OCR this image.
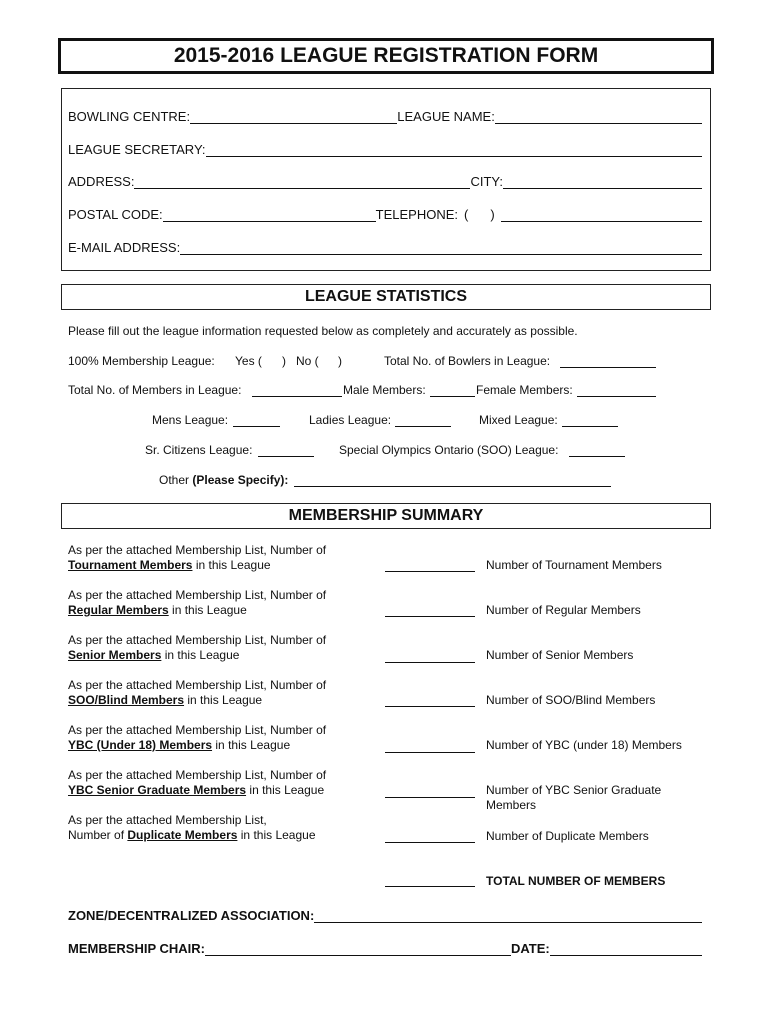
2015-2016 LEAGUE REGISTRATION FORM
BOWLING CENTRE:	LEAGUE NAME:
LEAGUE SECRETARY:
ADDRESS:	CITY:
POSTAL CODE:	TELEPHONE: ( )
E-MAIL ADDRESS:
LEAGUE STATISTICS
Please fill out the league information requested below as completely and accurately as possible.
100% Membership League: Yes ( ) No ( )	Total No. of Bowlers in League:
Total No. of Members in League:	Male Members:	Female Members:
Mens League:	Ladies League:	Mixed League:
Sr. Citizens League:	Special Olympics Ontario (SOO) League:
Other (Please Specify):
MEMBERSHIP SUMMARY
As per the attached Membership List, Number of
Tournament Members in this League	Number of Tournament Members
As per the attached Membership List, Number of
Regular Members in this League	Number of Regular Members
As per the attached Membership List, Number of
Senior Members in this League	Number of Senior Members
As per the attached Membership List, Number of
SOO/Blind Members in this League	Number of SOO/Blind Members
As per the attached Membership List, Number of
YBC (Under 18) Members in this League	Number of YBC (under 18) Members
As per the attached Membership List, Number of
YBC Senior Graduate Members in this League	Number of YBC Senior Graduate
Members
As per the attached Membership List,
Number of Duplicate Members in this League	Number of Duplicate Members
TOTAL NUMBER OF MEMBERS
ZONE/DECENTRALIZED ASSOCIATION:
MEMBERSHIP CHAIR:	DATE:
